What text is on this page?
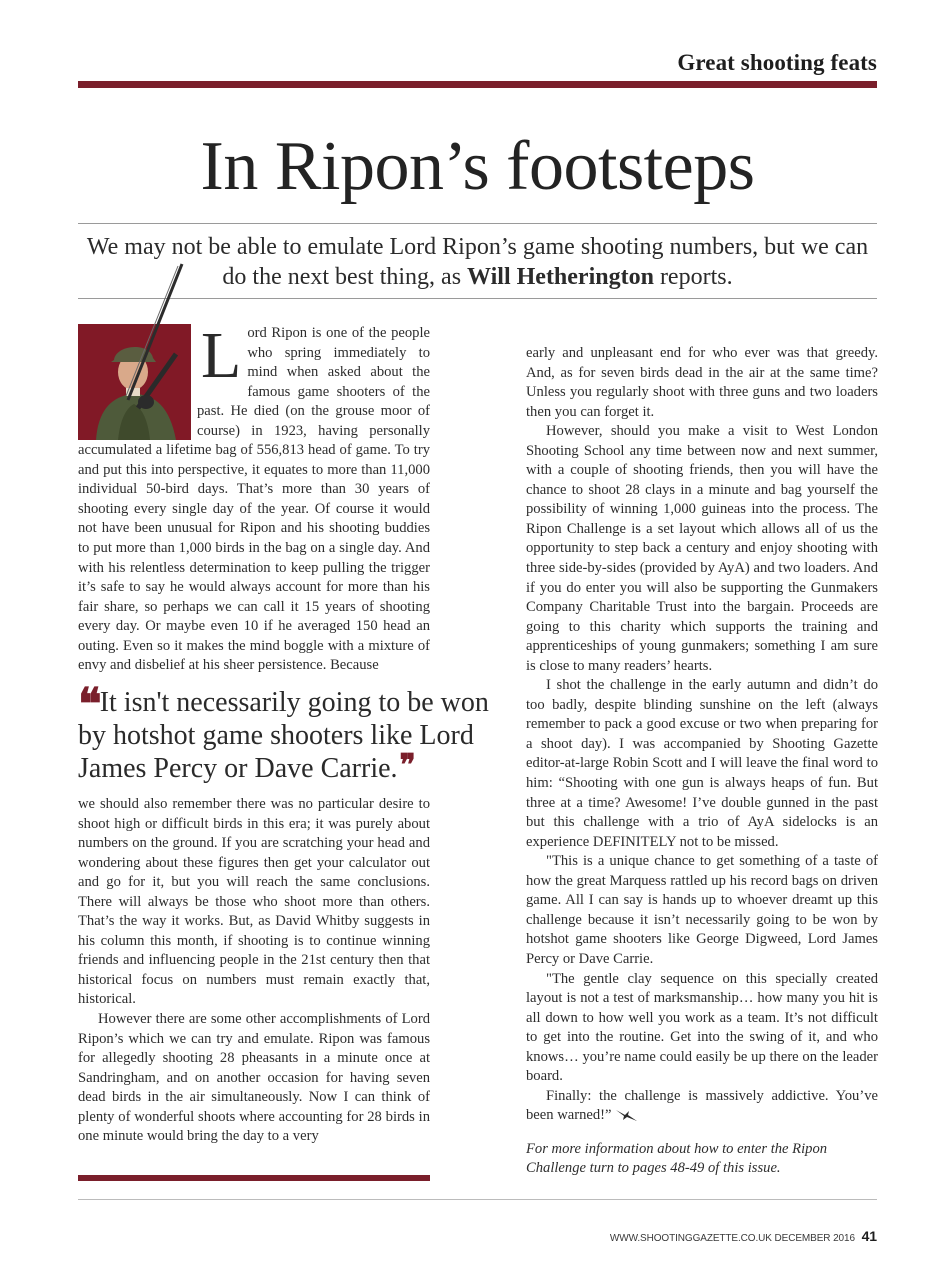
Great shooting feats
In Ripon’s footsteps
We may not be able to emulate Lord Ripon’s game shooting numbers, but we can do the next best thing, as Will Hetherington reports.
L ord Ripon is one of the people who spring immediately to mind when asked about the famous game shooters of the past. He died (on the grouse moor of course) in 1923, having personally accumulated a lifetime bag of 556,813 head of game. To try and put this into perspective, it equates to more than 11,000 individual 50-bird days. That’s more than 30 years of shooting every single day of the year. Of course it would not have been unusual for Ripon and his shooting buddies to put more than 1,000 birds in the bag on a single day. And with his relentless determination to keep pulling the trigger it’s safe to say he would always account for more than his fair share, so perhaps we can call it 15 years of shooting every day. Or maybe even 10 if he averaged 150 head an outing. Even so it makes the mind boggle with a mixture of envy and disbelief at his sheer persistence. Because

❝It isn't necessarily going to be won by hotshot game shooters like Lord James Percy or Dave Carrie.❞

we should also remember there was no particular desire to shoot high or difficult birds in this era; it was purely about numbers on the ground. If you are scratching your head and wondering about these figures then get your calculator out and go for it, but you will reach the same conclusions. There will always be those who shoot more than others. That’s the way it works. But, as David Whitby suggests in his column this month, if shooting is to continue winning friends and influencing people in the 21st century then that historical focus on numbers must remain exactly that, historical.

However there are some other accomplishments of Lord Ripon’s which we can try and emulate. Ripon was famous for allegedly shooting 28 pheasants in a minute once at Sandringham, and on another occasion for having seven dead birds in the air simultaneously. Now I can think of plenty of wonderful shoots where accounting for 28 birds in one minute would bring the day to a very

early and unpleasant end for who ever was that greedy. And, as for seven birds dead in the air at the same time? Unless you regularly shoot with three guns and two loaders then you can forget it.

However, should you make a visit to West London Shooting School any time between now and next summer, with a couple of shooting friends, then you will have the chance to shoot 28 clays in a minute and bag yourself the possibility of winning 1,000 guineas into the process. The Ripon Challenge is a set layout which allows all of us the opportunity to step back a century and enjoy shooting with three side-by-sides (provided by AyA) and two loaders. And if you do enter you will also be supporting the Gunmakers Company Charitable Trust into the bargain. Proceeds are going to this charity which supports the training and apprenticeships of young gunmakers; something I am sure is close to many readers’ hearts.

I shot the challenge in the early autumn and didn’t do too badly, despite blinding sunshine on the left (always remember to pack a good excuse or two when preparing for a shoot day). I was accompanied by Shooting Gazette editor-at-large Robin Scott and I will leave the final word to him: “Shooting with one gun is always heaps of fun. But three at a time? Awesome! I’ve double gunned in the past but this challenge with a trio of AyA sidelocks is an experience DEFINITELY not to be missed.

"This is a unique chance to get something of a taste of how the great Marquess rattled up his record bags on driven game. All I can say is hands up to whoever dreamt up this challenge because it isn’t necessarily going to be won by hotshot game shooters like George Digweed, Lord James Percy or Dave Carrie.

"The gentle clay sequence on this specially created layout is not a test of marksmanship… how many you hit is all down to how well you work as a team. It’s not difficult to get into the routine. Get into the swing of it, and who knows… you’re name could easily be up there on the leader board.

Finally: the challenge is massively addictive. You’ve been warned!”

For more information about how to enter the Ripon Challenge turn to pages 48-49 of this issue.

WWW.SHOOTINGGAZETTE.CO.UK DECEMBER 2016 41
